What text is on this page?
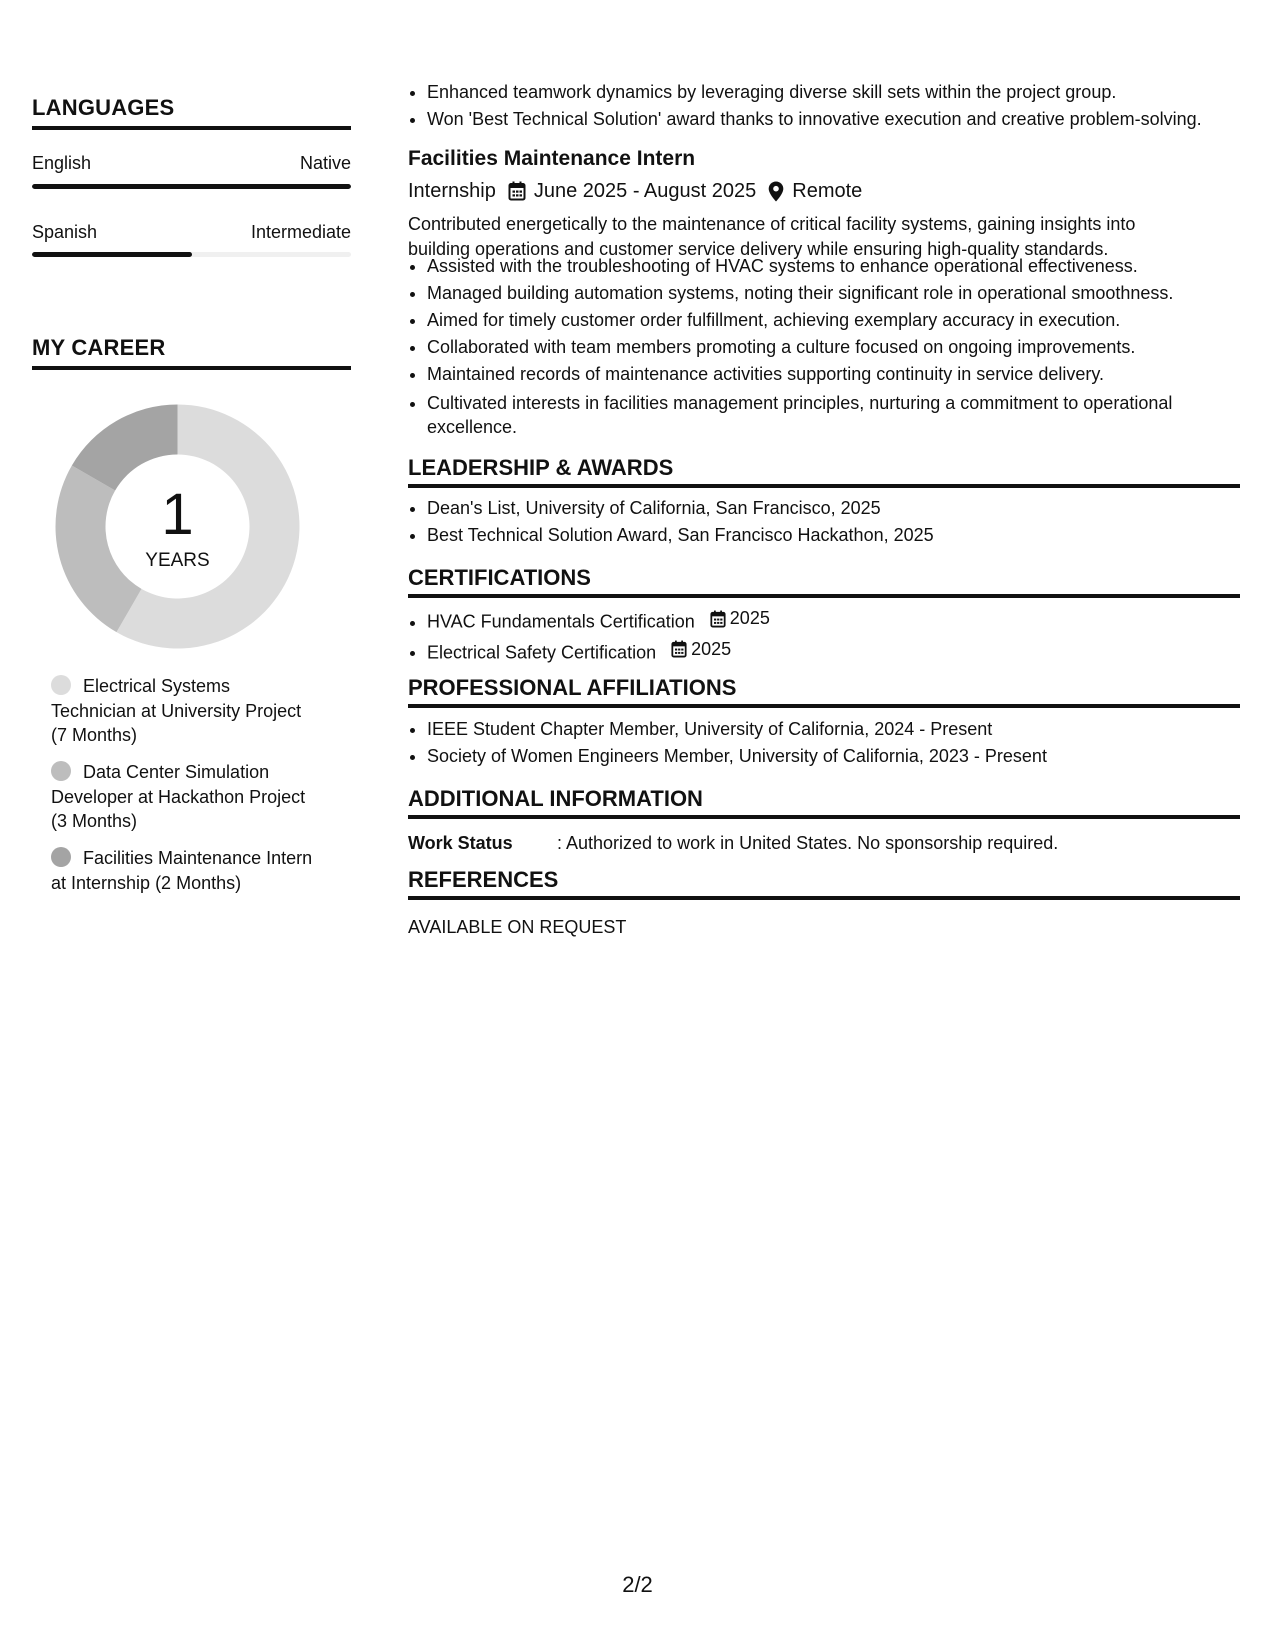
LANGUAGES
English	Native
Spanish	Intermediate
MY CAREER
1
YEARS
Electrical Systems
Technician at University Project
(7 Months)
Data Center Simulation
Developer at Hackathon Project
(3 Months)
Facilities Maintenance Intern
at Internship (2 Months)
• Enhanced teamwork dynamics by leveraging diverse skill sets within the project group.
• Won 'Best Technical Solution' award thanks to innovative execution and creative problem-solving.
Facilities Maintenance Intern
Internship June 2025 - August 2025 Remote

Contributed energetically to the maintenance of critical facility systems, gaining insights into

building operations and customer service delivery while ensuring high-quality standards.

• Assisted with the troubleshooting of HVAC systems to enhance operational effectiveness.
• Managed building automation systems, noting their significant role in operational smoothness.
• Aimed for timely customer order fulfillment, achieving exemplary accuracy in execution.
• Collaborated with team members promoting a culture focused on ongoing improvements.
• Maintained records of maintenance activities supporting continuity in service delivery.
• Cultivated interests in facilities management principles, nurturing a commitment to operational
excellence.
LEADERSHIP & AWARDS
• Dean's List, University of California, San Francisco, 2025
• Best Technical Solution Award, San Francisco Hackathon, 2025
CERTIFICATIONS
• HVAC Fundamentals Certification 2025
• Electrical Safety Certification 2025
PROFESSIONAL AFFILIATIONS
• IEEE Student Chapter Member, University of California, 2024 - Present
• Society of Women Engineers Member, University of California, 2023 - Present
ADDITIONAL INFORMATION
Work Status	: Authorized to work in United States. No sponsorship required.
REFERENCES
AVAILABLE ON REQUEST
2/2
